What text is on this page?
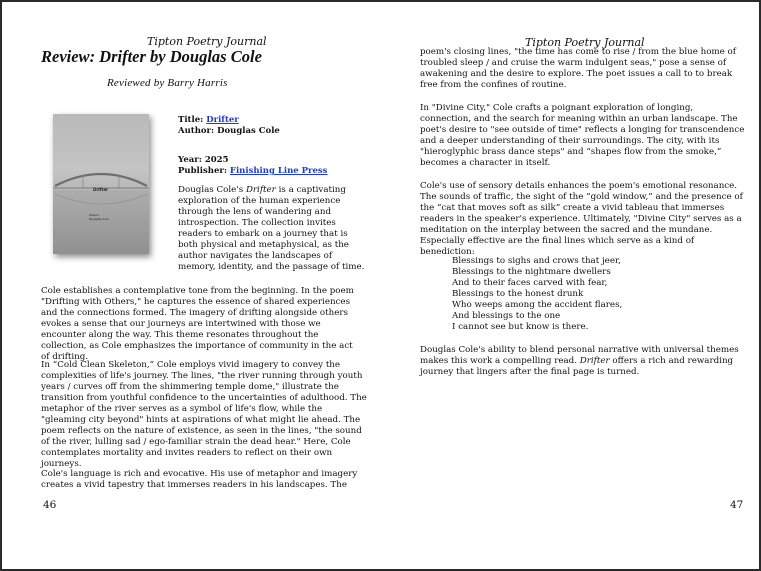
Tipton Poetry Journal
Review: Drifter by Douglas Cole
Reviewed by Barry Harris
Drifter
Poems
Douglas Cole
Title: Drifter
Author: Douglas Cole
Year: 2025
Publisher: Finishing Line Press
Douglas Cole's Drifter is a captivating exploration of the human experience through the lens of wandering and introspection. The collection invites readers to embark on a journey that is both physical and metaphysical, as the author navigates the landscapes of memory, identity, and the passage of time.
Cole establishes a contemplative tone from the beginning. In the poem "Drifting with Others," he captures the essence of shared experiences and the connections formed. The imagery of drifting alongside others evokes a sense that our journeys are intertwined with those we encounter along the way. This theme resonates throughout the collection, as Cole emphasizes the importance of community in the act of drifting.
In “Cold Clean Skeleton,” Cole employs vivid imagery to convey the complexities of life's journey. The lines, "the river running through youth years / curves off from the shimmering temple dome," illustrate the transition from youthful confidence to the uncertainties of adulthood. The metaphor of the river serves as a symbol of life's flow, while the "gleaming city beyond" hints at aspirations of what might lie ahead. The poem reflects on the nature of existence, as seen in the lines, "the sound of the river, lulling sad / ego-familiar strain the dead hear." Here, Cole contemplates mortality and invites readers to reflect on their own journeys.
Cole's language is rich and evocative. His use of metaphor and imagery creates a vivid tapestry that immerses readers in his landscapes. The
46
Tipton Poetry Journal
poem's closing lines, "the time has come to rise / from the blue home of troubled sleep / and cruise the warm indulgent seas," pose a sense of awakening and the desire to explore. The poet issues a call to to break free from the confines of routine.
In "Divine City," Cole crafts a poignant exploration of longing, connection, and the search for meaning within an urban landscape. The poet's desire to "see outside of time" reflects a longing for transcendence and a deeper understanding of their surroundings. The city, with its "hieroglyphic brass dance steps" and “shapes flow from the smoke,” becomes a character in itself.
Cole's use of sensory details enhances the poem's emotional resonance. The sounds of traffic, the sight of the “gold window,” and the presence of the “cat that moves soft as silk” create a vivid tableau that immerses readers in the speaker's experience. Ultimately, "Divine City" serves as a meditation on the interplay between the sacred and the mundane. Especially effective are the final lines which serve as a kind of benediction:
Blessings to sighs and crows that jeer,
Blessings to the nightmare dwellers
And to their faces carved with fear,
Blessings to the honest drunk
Who weeps among the accident flares,
And blessings to the one
I cannot see but know is there.
Douglas Cole's ability to blend personal narrative with universal themes makes this work a compelling read. Drifter offers a rich and rewarding journey that lingers after the final page is turned.
47
